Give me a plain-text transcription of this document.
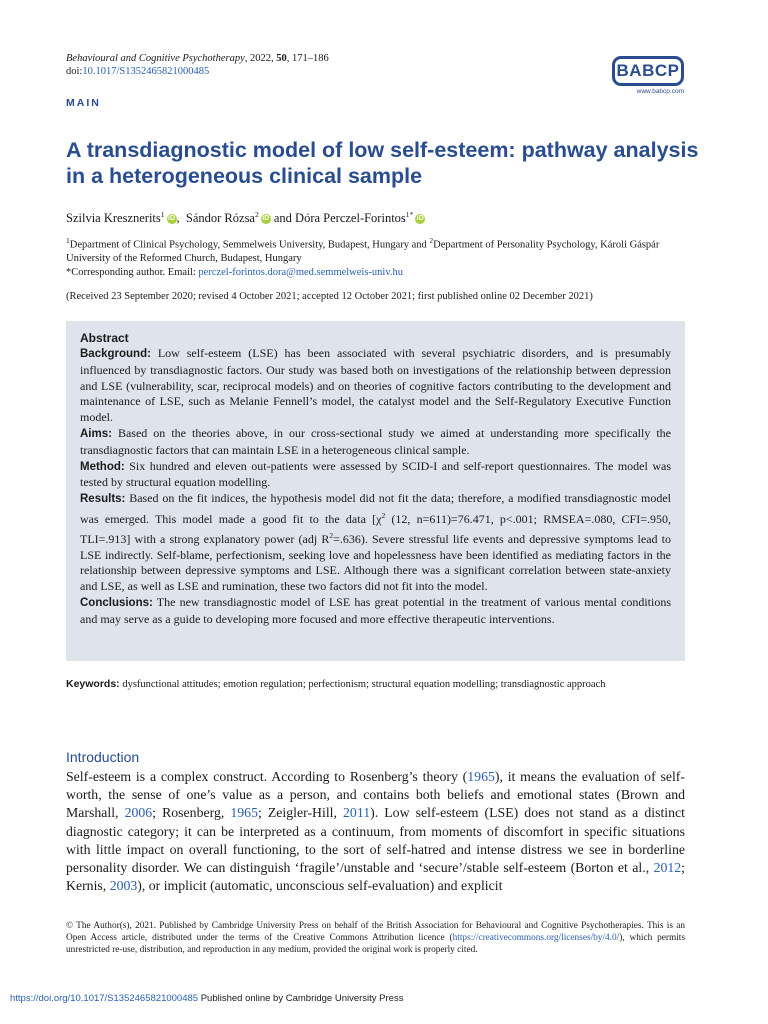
Behavioural and Cognitive Psychotherapy, 2022, 50, 171–186
doi:10.1017/S1352465821000485	BABCP
www.babcp.com
MAIN
A transdiagnostic model of low self-esteem: pathway analysis in a heterogeneous clinical sample
Szilvia Kresznerits$^1$ iD , Sándor Rózsa$^2$ iD and Dóra Perczel-Forintos$^{1*}$ iD
$^1$Department of Clinical Psychology, Semmelweis University, Budapest, Hungary and $^2$Department of Personality Psychology, Károli Gáspár University of the Reformed Church, Budapest, Hungary
*Corresponding author. Email: perczel-forintos.dora@med.semmelweis-univ.hu
(Received 23 September 2020; revised 4 October 2021; accepted 12 October 2021; first published online 02 December 2021)
Abstract

Background: Low self-esteem (LSE) has been associated with several psychiatric disorders, and is presumably influenced by transdiagnostic factors. Our study was based both on investigations of the relationship between depression and LSE (vulnerability, scar, reciprocal models) and on theories of cognitive factors contributing to the development and maintenance of LSE, such as Melanie Fennell’s model, the catalyst model and the Self-Regulatory Executive Function model.

Aims: Based on the theories above, in our cross-sectional study we aimed at understanding more specifically the transdiagnostic factors that can maintain LSE in a heterogeneous clinical sample.

Method: Six hundred and eleven out-patients were assessed by SCID-I and self-report questionnaires. The model was tested by structural equation modelling.

Results: Based on the fit indices, the hypothesis model did not fit the data; therefore, a modified transdiagnostic model was emerged. This model made a good fit to the data [$\chi^2$ (12, n=611)=76.471, p<.001; RMSEA=.080, CFI=.950, TLI=.913] with a strong explanatory power (adj $R^2=.636$). Severe stressful life events and depressive symptoms lead to LSE indirectly. Self-blame, perfectionism, seeking love and hopelessness have been identified as mediating factors in the relationship between depressive symptoms and LSE. Although there was a significant correlation between state-anxiety and LSE, as well as LSE and rumination, these two factors did not fit into the model.

Conclusions: The new transdiagnostic model of LSE has great potential in the treatment of various mental conditions and may serve as a guide to developing more focused and more effective therapeutic interventions.

Keywords: dysfunctional attitudes; emotion regulation; perfectionism; structural equation modelling; transdiagnostic approach
Introduction
Self-esteem is a complex construct. According to Rosenberg’s theory (1965), it means the evaluation of self-worth, the sense of one’s value as a person, and contains both beliefs and emotional states (Brown and Marshall, 2006; Rosenberg, 1965; Zeigler-Hill, 2011). Low self-esteem (LSE) does not stand as a distinct diagnostic category; it can be interpreted as a continuum, from moments of discomfort in specific situations with little impact on overall functioning, to the sort of self-hatred and intense distress we see in borderline personality disorder. We can distinguish ‘fragile’/unstable and ‘secure’/stable self-esteem (Borton et al., 2012; Kernis, 2003), or implicit (automatic, unconscious self-evaluation) and explicit
© The Author(s), 2021. Published by Cambridge University Press on behalf of the British Association for Behavioural and Cognitive Psychotherapies. This is an Open Access article, distributed under the terms of the Creative Commons Attribution licence (https://creativecommons.org/licenses/by/4.0/), which permits unrestricted re-use, distribution, and reproduction in any medium, provided the original work is properly cited.
https://doi.org/10.1017/S1352465821000485 Published online by Cambridge University Press
